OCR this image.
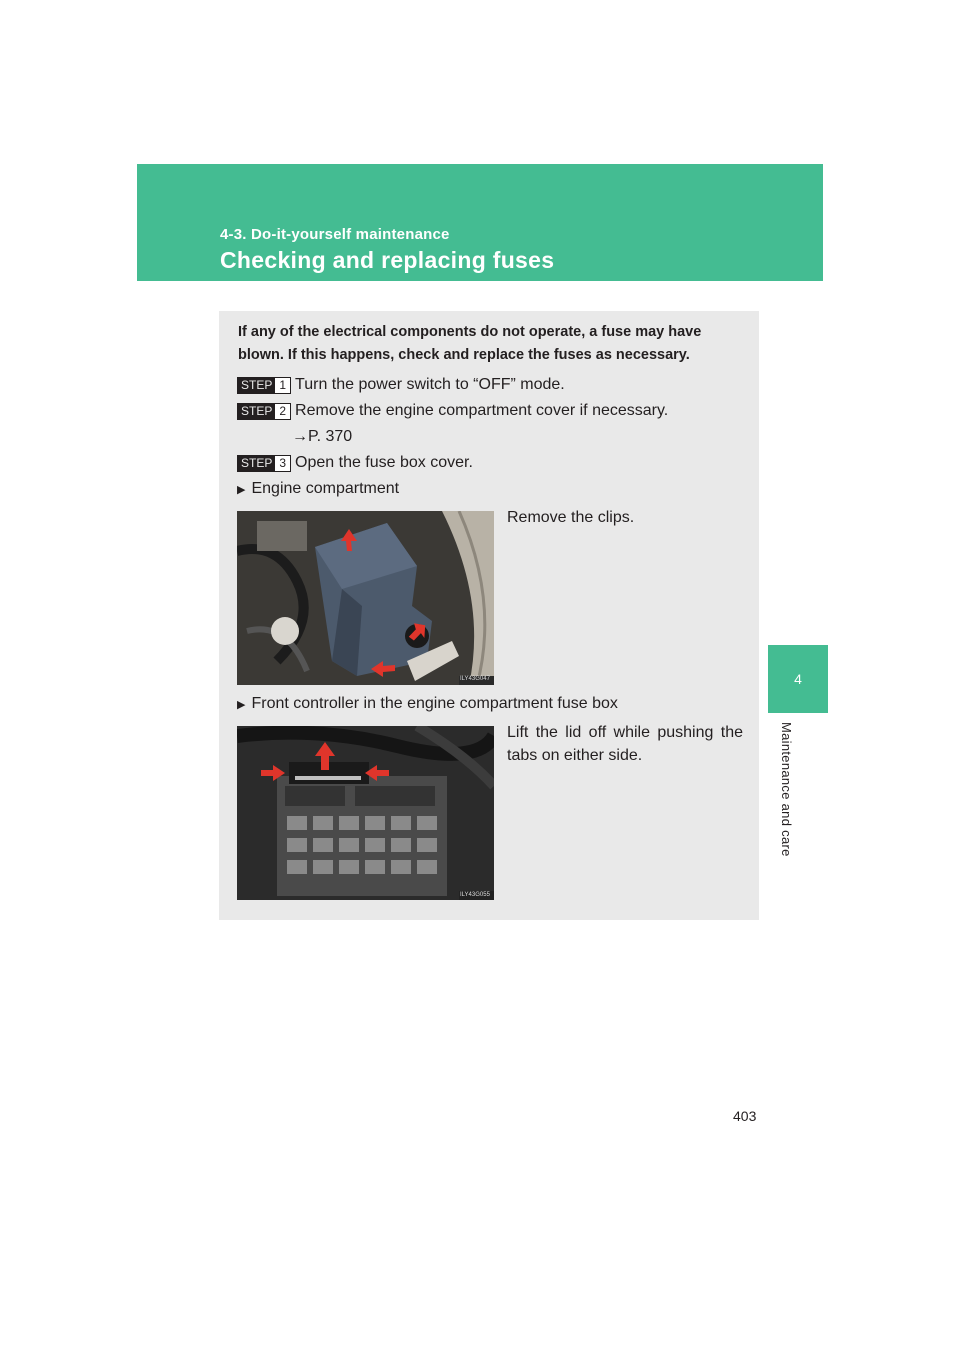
4-3. Do-it-yourself maintenance
Checking and replacing fuses
4
Maintenance and care
If any of the electrical components do not operate, a fuse may have blown. If this happens, check and replace the fuses as necessary.
STEP 1 Turn the power switch to “OFF” mode.
STEP 2 Remove the engine compartment cover if necessary.
→P. 370
STEP 3 Open the fuse box cover.
▶ Engine compartment
ILY43G047
Remove the clips.
▶ Front controller in the engine compartment fuse box
ILY43G055
Lift the lid off while pushing the tabs on either side.
403
